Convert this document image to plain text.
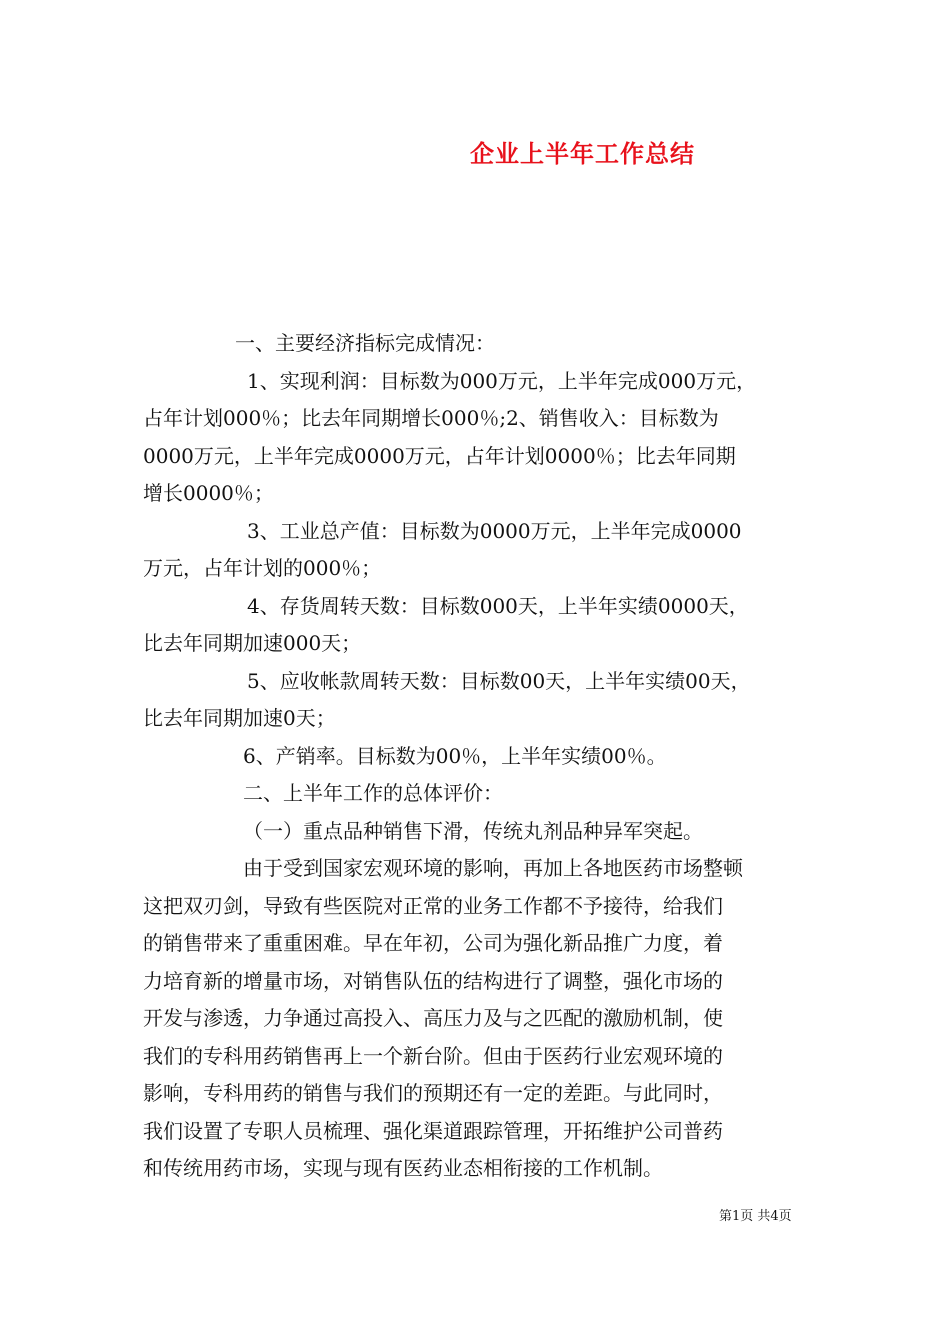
企业上半年工作总结
一、主要经济指标完成情况：
1、实现利润：目标数为000万元，上半年完成000万元，
占年计划000％；比去年同期增长000％;2、销售收入：目标数为
0000万元，上半年完成0000万元，占年计划0000％；比去年同期
增长0000％；
3、工业总产值：目标数为0000万元，上半年完成0000
万元，占年计划的000％；
4、存货周转天数：目标数000天，上半年实绩0000天，
比去年同期加速000天；
5、应收帐款周转天数：目标数00天，上半年实绩00天，
比去年同期加速0天；
6、产销率。目标数为00％，上半年实绩00％。
二、上半年工作的总体评价：
（一）重点品种销售下滑，传统丸剂品种异军突起。
由于受到国家宏观环境的影响，再加上各地医药市场整顿
这把双刃剑，导致有些医院对正常的业务工作都不予接待，给我们
的销售带来了重重困难。早在年初，公司为强化新品推广力度，着
力培育新的增量市场，对销售队伍的结构进行了调整，强化市场的
开发与渗透，力争通过高投入、高压力及与之匹配的激励机制，使
我们的专科用药销售再上一个新台阶。但由于医药行业宏观环境的
影响，专科用药的销售与我们的预期还有一定的差距。与此同时，
我们设置了专职人员梳理、强化渠道跟踪管理，开拓维护公司普药
和传统用药市场，实现与现有医药业态相衔接的工作机制。
第1页 共4页
